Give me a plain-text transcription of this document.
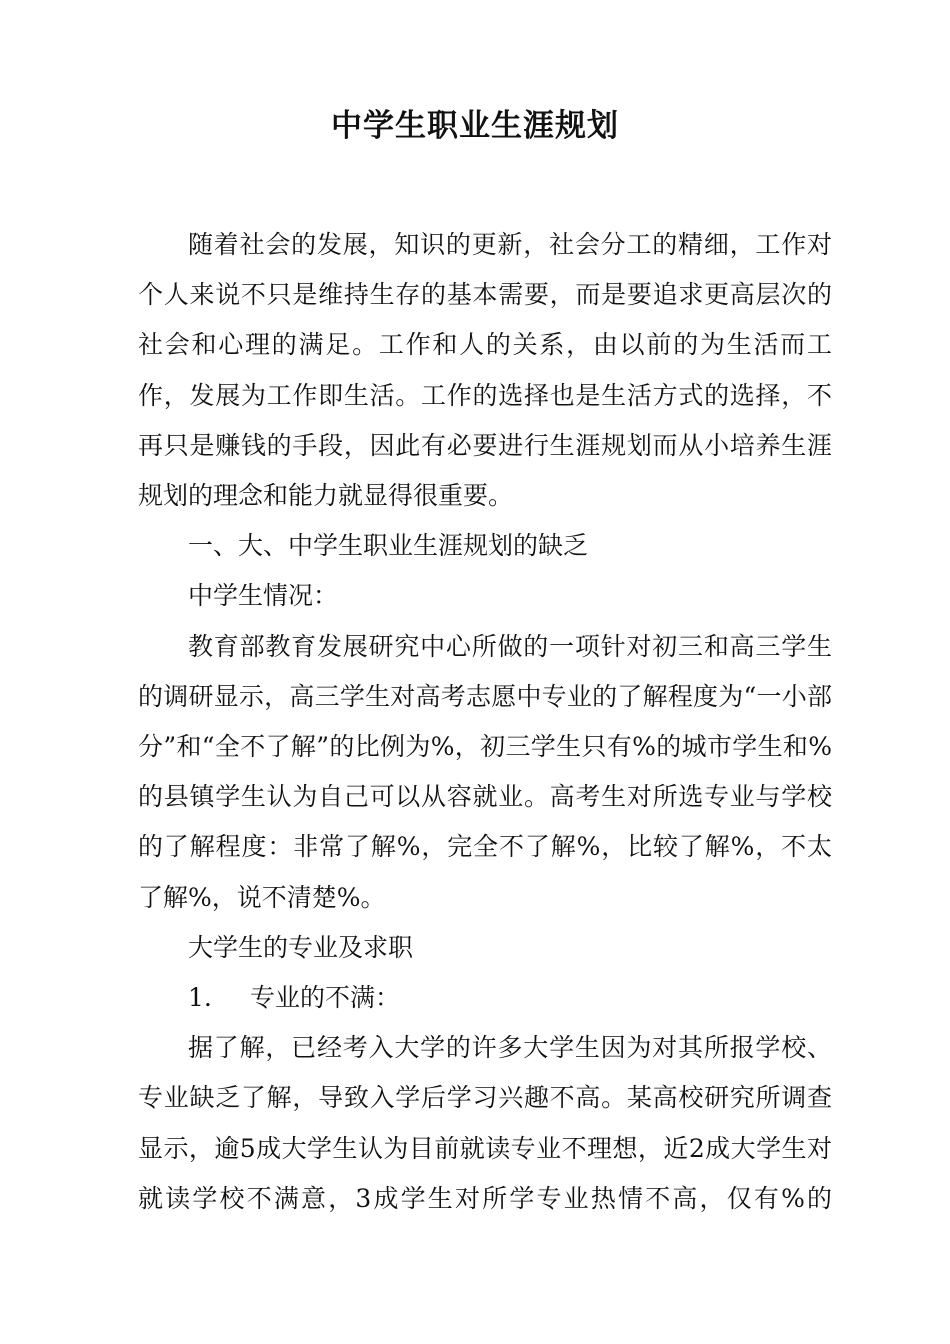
中学生职业生涯规划

随着社会的发展，知识的更新，社会分工的精细，工作对个人来说不只是维持生存的基本需要，而是要追求更高层次的社会和心理的满足。工作和人的关系，由以前的为生活而工作，发展为工作即生活。工作的选择也是生活方式的选择，不再只是赚钱的手段，因此有必要进行生涯规划而从小培养生涯规划的理念和能力就显得很重要。

一、大、中学生职业生涯规划的缺乏

中学生情况：

教育部教育发展研究中心所做的一项针对初三和高三学生的调研显示，高三学生对高考志愿中专业的了解程度为“一小部分”和“全不了解”的比例为%，初三学生只有%的城市学生和%的县镇学生认为自己可以从容就业。高考生对所选专业与学校的了解程度：非常了解%，完全不了解%，比较了解%，不太了解%，说不清楚%。

大学生的专业及求职

1. 专业的不满：

据了解，已经考入大学的许多大学生因为对其所报学校、专业缺乏了解，导致入学后学习兴趣不高。某高校研究所调查显示，逾5成大学生认为目前就读专业不理想，近2成大学生对就读学校不满意，3成学生对所学专业热情不高，仅有%的
